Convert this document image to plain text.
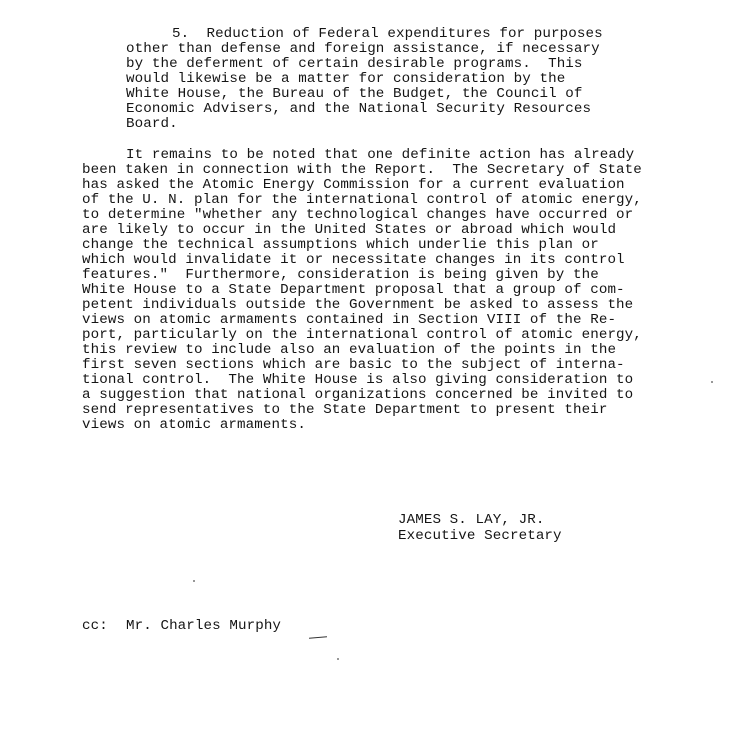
5.  Reduction of Federal expenditures for purposes
other than defense and foreign assistance, if necessary
by the deferment of certain desirable programs.  This
would likewise be a matter for consideration by the
White House, the Bureau of the Budget, the Council of
Economic Advisers, and the National Security Resources
Board.
It remains to be noted that one definite action has already
been taken in connection with the Report.  The Secretary of State
has asked the Atomic Energy Commission for a current evaluation
of the U. N. plan for the international control of atomic energy,
to determine "whether any technological changes have occurred or
are likely to occur in the United States or abroad which would
change the technical assumptions which underlie this plan or
which would invalidate it or necessitate changes in its control
features."  Furthermore, consideration is being given by the
White House to a State Department proposal that a group of com-
petent individuals outside the Government be asked to assess the
views on atomic armaments contained in Section VIII of the Re-
port, particularly on the international control of atomic energy,
this review to include also an evaluation of the points in the
first seven sections which are basic to the subject of interna-
tional control.  The White House is also giving consideration to
a suggestion that national organizations concerned be invited to
send representatives to the State Department to present their
views on atomic armaments.
JAMES S. LAY, JR.
Executive Secretary
cc: Mr. Charles Murphy
